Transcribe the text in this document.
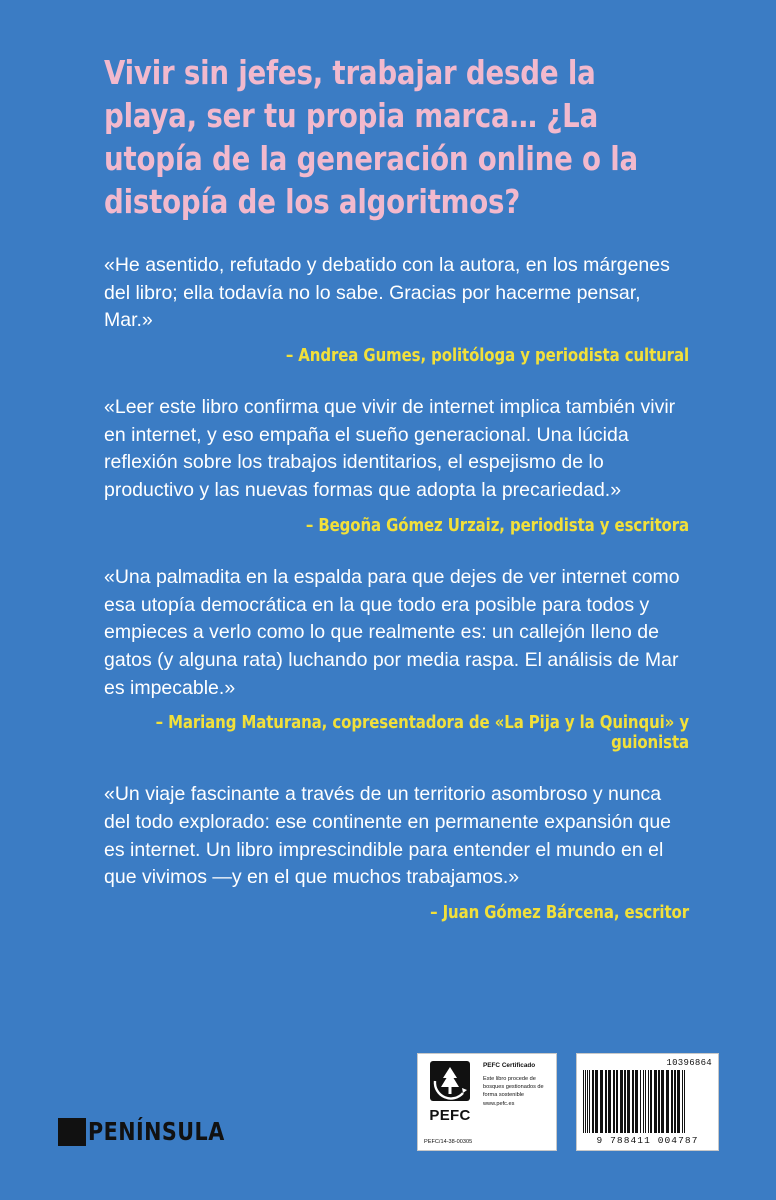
Vivir sin jefes, trabajar desde la playa, ser tu propia marca… ¿La utopía de la generación online o la distopía de los algoritmos?
«He asentido, refutado y debatido con la autora, en los márgenes del libro; ella todavía no lo sabe. Gracias por hacerme pensar, Mar.»
– Andrea Gumes, politóloga y periodista cultural
«Leer este libro confirma que vivir de internet implica también vivir en internet, y eso empaña el sueño generacional. Una lúcida reflexión sobre los trabajos identitarios, el espejismo de lo productivo y las nuevas formas que adopta la precariedad.»
– Begoña Gómez Urzaiz, periodista y escritora
«Una palmadita en la espalda para que dejes de ver internet como esa utopía democrática en la que todo era posible para todos y empieces a verlo como lo que realmente es: un callejón lleno de gatos (y alguna rata) luchando por media raspa. El análisis de Mar es impecable.»
– Mariang Maturana, copresentadora de «La Pija y la Quinqui» y guionista
«Un viaje fascinante a través de un territorio asombroso y nunca del todo explorado: ese continente en permanente expansión que es internet. Un libro imprescindible para entender el mundo en el que vivimos —y en el que muchos trabajamos.»
– Juan Gómez Bárcena, escritor
PENÍNSULA
PEFC
PEFC Certificado
Este libro procede de bosques gestionados de forma sostenible
www.pefc.es
PEFC/14-38-00305
10396864
9 788411 004787
